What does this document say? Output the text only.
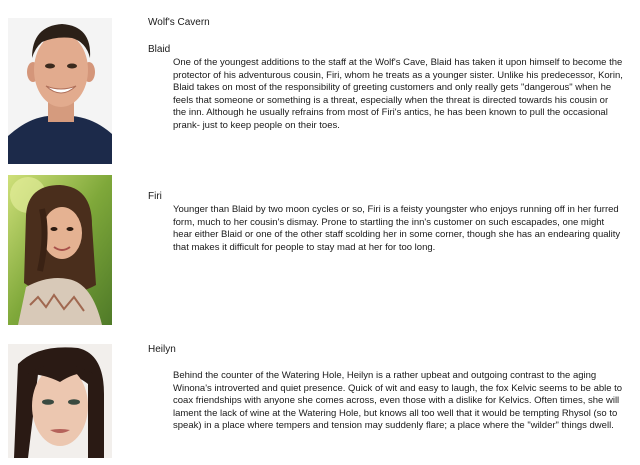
Wolf's Cavern
Blaid

One of the youngest additions to the staff at the Wolf's Cave, Blaid has taken it upon himself to become the protector of his adventurous cousin, Firi, whom he treats as a younger sister. Unlike his predecessor, Korin, Blaid takes on most of the responsibility of greeting customers and only really gets "dangerous" when he feels that someone or something is a threat, especially when the threat is directed towards his cousin or the inn. Although he usually refrains from most of Firi's antics, he has been known to pull the occasional prank- just to keep people on their toes.

Firi

Younger than Blaid by two moon cycles or so, Firi is a feisty youngster who enjoys running off in her furred form, much to her cousin's dismay. Prone to startling the inn's customer on such escapades, one might hear either Blaid or one of the other staff scolding her in some corner, though she has an endearing quality that makes it difficult for people to stay mad at her for too long.

Heilyn

Behind the counter of the Watering Hole, Heilyn is a rather upbeat and outgoing contrast to the aging Winona's introverted and quiet presence. Quick of wit and easy to laugh, the fox Kelvic seems to be able to coax friendships with anyone she comes across, even those with a dislike for Kelvics. Often times, she will lament the lack of wine at the Watering Hole, but knows all too well that it would be tempting Rhysol (so to speak) in a place where tempers and tension may suddenly flare; a place where the "wilder" things dwell.
